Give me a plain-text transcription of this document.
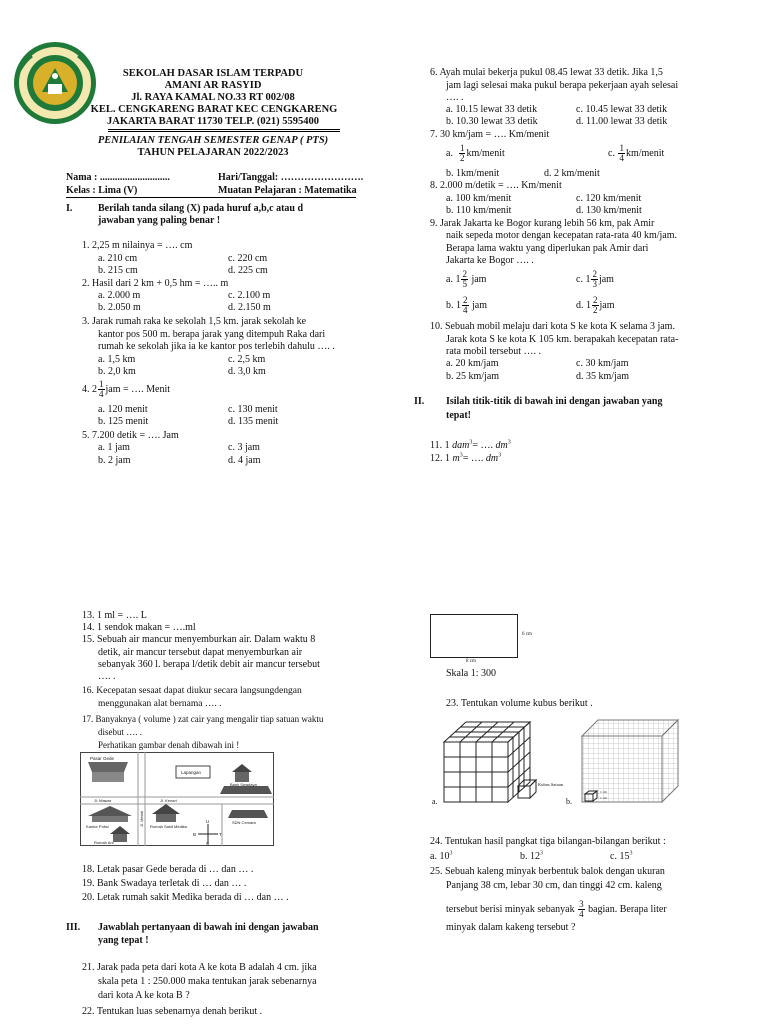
SEKOLAH DASAR ISLAM TERPADU
AMANI AR RASYID
Jl. RAYA KAMAL NO.33 RT 002/08
KEL. CENGKARENG BARAT KEC CENGKARENG
JAKARTA BARAT 11730 TELP. (021) 5595400
PENILAIAN TENGAH SEMESTER GENAP ( PTS)
TAHUN PELAJARAN 2022/2023
Nama : ............................	Hari/Tanggal: …………………….
Kelas : Lima (V)	Muatan Pelajaran : Matematika
I.	Berilah tanda silang (X) pada huruf a,b,c atau d
jawaban yang paling benar !
1. 2,25 m nilainya = …. cm
a. 210 cm	c. 220 cm
b. 215 cm	d. 225 cm
2. Hasil dari 2 km + 0,5 hm = ….. m
a. 2.000 m	c. 2.100 m
b. 2.050 m	d. 2.150 m
3. Jarak rumah raka ke sekolah 1,5 km. jarak sekolah ke
kantor pos 500 m. berapa jarak yang ditempuh Raka dari
rumah ke sekolah jika ia ke kantor pos terlebih dahulu …. .
a. 1,5 km	c. 2,5 km
b. 2,0 km	d. 3,0 km
4. $2 \frac{1}{4}$ jam = …. Menit
a. 120 menit	c. 130 menit
b. 125 menit	d. 135 menit
5. 7.200 detik = …. Jam
a. 1 jam	c. 3 jam
b. 2 jam	d. 4 jam
6. Ayah mulai bekerja pukul 08.45 lewat 33 detik. Jika 1,5
jam lagi selesai maka pukul berapa pekerjaan ayah selesai
…. .
a. 10.15 lewat 33 detik	c. 10.45 lewat 33 detik
b. 10.30 lewat 33 detik	d. 11.00 lewat 33 detik
7. 30 km/jam = …. Km/menit
a. $\frac{1}{2}$ km/menit	c. $\frac{1}{4}$ km/menit
b. 1km/menit	d. 2 km/menit
8. 2.000 m/detik = …. Km/menit
a. 100 km/menit	c. 120 km/menit
b. 110 km/menit	d. 130 km/menit
9. Jarak Jakarta ke Bogor kurang lebih 56 km, pak Amir
naik sepeda motor dengan kecepatan rata-rata 40 km/jam.
Berapa lama waktu yang diperlukan pak Amir dari
Jakarta ke Bogor …. .
a. $1 \frac{2}{5}$ jam	c. $1 \frac{2}{3}$ jam
b. $1 \frac{2}{4}$ jam	d. $1 \frac{2}{2}$ jam
10. Sebuah mobil melaju dari kota S ke kota K selama 3 jam.
Jarak kota S ke kota K 105 km. berapakah kecepatan rata-
rata mobil tersebut …. .
a. 20 km/jam	c. 30 km/jam
b. 25 km/jam	d. 35 km/jam
II. Isilah titik-titik di bawah ini dengan jawaban yang
tepat!
11. 1 dam$^3$= …. $dm^3$
12. 1 $m^3=$ …. $dm^3$
13. 1 ml = …. L
14. 1 sendok makan = ….ml
15. Sebuah air mancur menyemburkan air. Dalam waktu 8
detik, air mancur tersebut dapat menyemburkan air
sebanyak 360 l. berapa l/detik debit air mancur tersebut
…. .
16. Kecepatan sesaat dapat diukur secara langsungdengan
menggunakan alat bernama …. .
17. Banyaknya ( volume ) zat cair yang mengalir tiap satuan waktu
disebut …. .
Perhatikan gambar denah dibawah ini !
Pasar Gede
Lapangan
Bank Swadaya
Jl. Mawar	Jl. Kenari
Jl. Melati
Kantor Polisi	Rumah Sakit Medika
SDN Cemara
Rumah Ani
U
S
B	T
18. Letak pasar Gede berada di … dan … .
19. Bank Swadaya terletak di … dan … .
20. Letak rumah sakit Medika berada di … dan … .
III. Jawablah pertanyaan di bawah ini dengan jawaban
yang tepat !
21. Jarak pada peta dari kota A ke kota B adalah 4 cm. jika
skala peta 1 : 250.000 maka tentukan jarak sebenarnya
dari kota A ke kota B ?
22. Tentukan luas sebenarnya denah berikut .
6 cm
8 cm
Skala 1: 300
23. Tentukan volume kubus berikut .
Kubus Satuan
a.
1 cm
1 cm
b.
24. Tentukan hasil pangkat tiga bilangan-bilangan berikut :
a. $10^3$	b. $12^3$	c. $15^3$
25. Sebuah kaleng minyak berbentuk balok dengan ukuran
Panjang 38 cm, lebar 30 cm, dan tinggi 42 cm. kaleng
tersebut berisi minyak sebanyak $\frac{3}{4}$ bagian. Berapa liter
minyak dalam kakeng tersebut ?
